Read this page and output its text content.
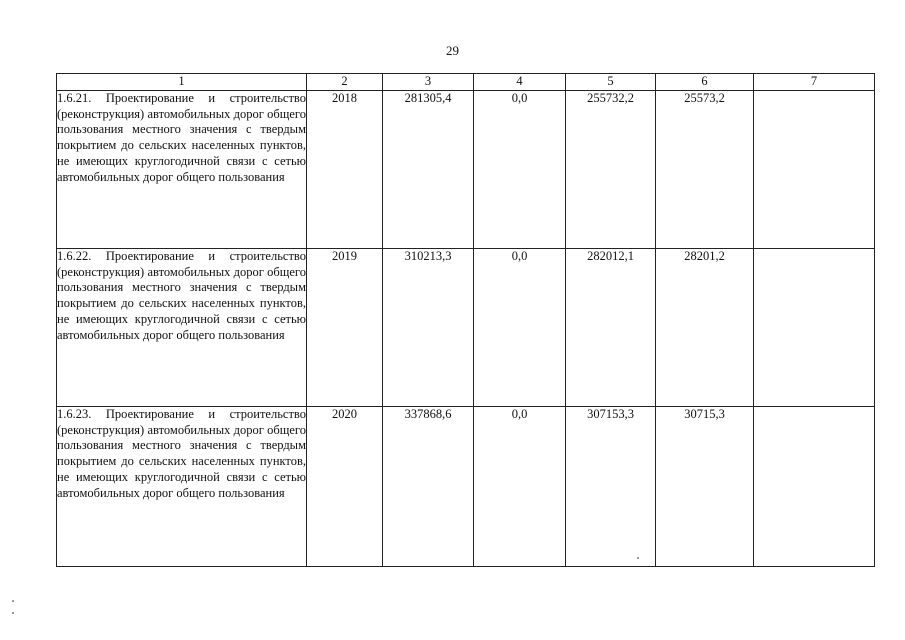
29
1	2	3	4	5	6	7
1.6.21. Проектирование и строительство (реконструкция) автомобильных дорог общего пользования местного значения с твердым покрытием до сельских населенных пунктов, не имеющих круглогодичной связи с сетью автомобильных дорог общего пользования	2018	281305,4	0,0	255732,2	25573,2	
1.6.22. Проектирование и строительство (реконструкция) автомобильных дорог общего пользования местного значения с твердым покрытием до сельских населенных пунктов, не имеющих круглогодичной связи с сетью автомобильных дорог общего пользования	2019	310213,3	0,0	282012,1	28201,2	
1.6.23. Проектирование и строительство (реконструкция) автомобильных дорог общего пользования местного значения с твердым покрытием до сельских населенных пунктов, не имеющих круглогодичной связи с сетью автомобильных дорог общего пользования	2020	337868,6	0,0	307153,3	30715,3	
